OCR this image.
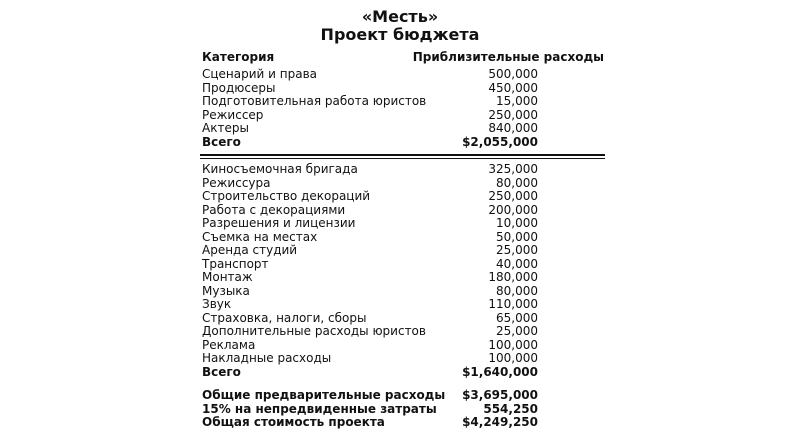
«Месть»
Проект бюджета
Категория	Приблизительные расходы
Сценарий и права	500,000
Продюсеры	450,000
Подготовительная работа юристов	15,000
Режиссер	250,000
Актеры	840,000
Всего	$2,055,000
Киносъемочная бригада	325,000
Режиссура	80,000
Строительство декораций	250,000
Работа с декорациями	200,000
Разрешения и лицензии	10,000
Съемка на местах	50,000
Аренда студий	25,000
Транспорт	40,000
Монтаж	180,000
Музыка	80,000
Звук	110,000
Страховка, налоги, сборы	65,000
Дополнительные расходы юристов	25,000
Реклама	100,000
Накладные расходы	100,000
Всего	$1,640,000
Общие предварительные расходы	$3,695,000
15% на непредвиденные затраты	554,250
Общая стоимость проекта	$4,249,250
